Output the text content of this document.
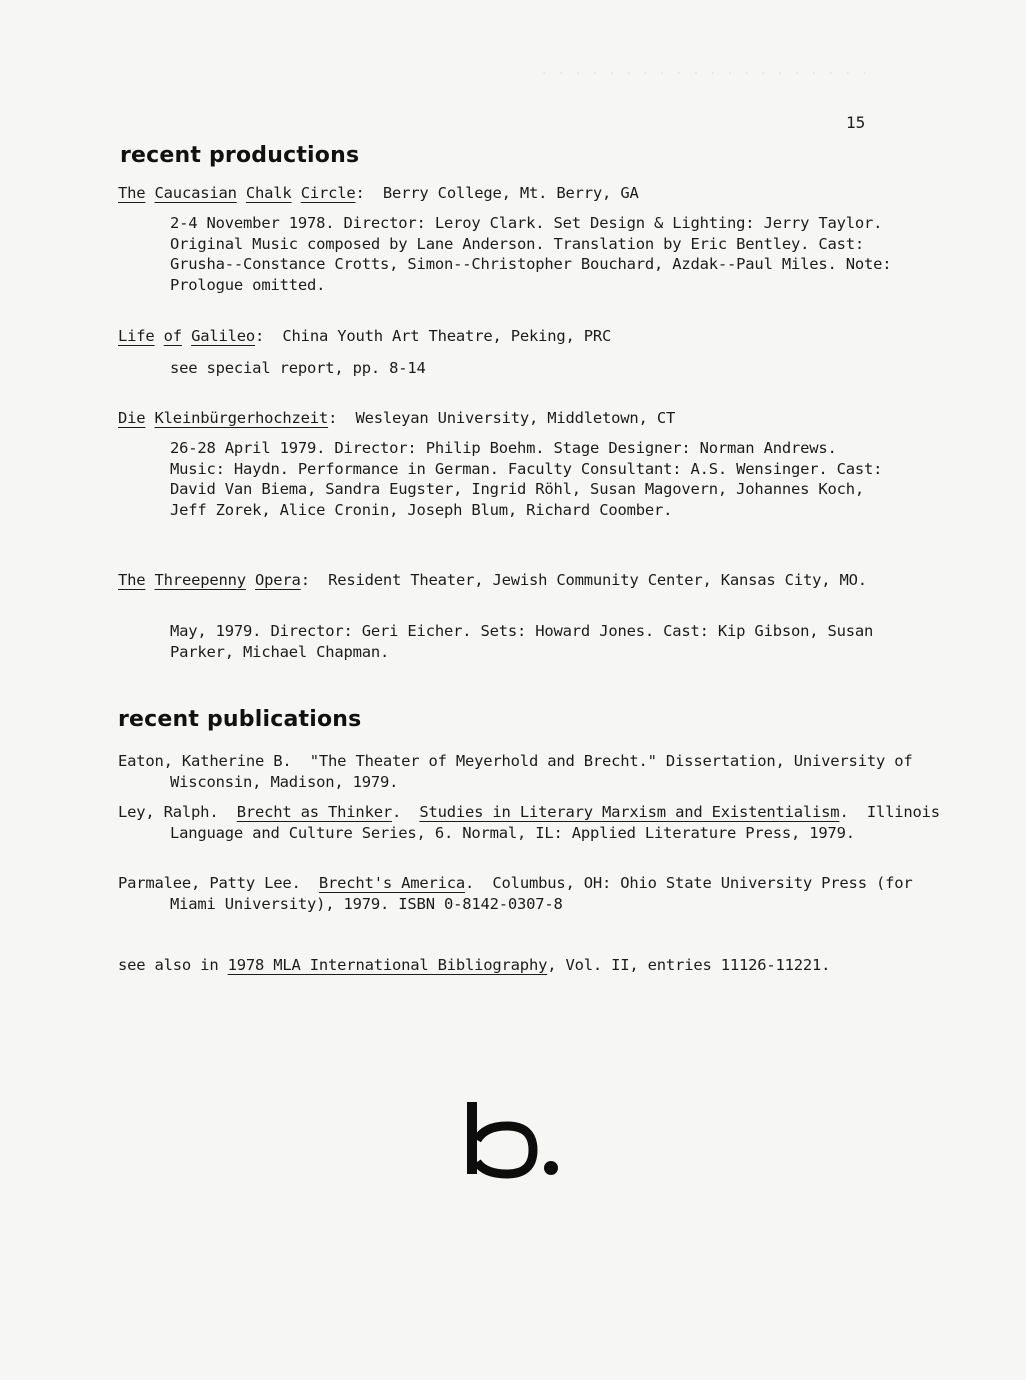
. . . . . . . . . . . . . . . . . . . .
15
recent productions
The Caucasian Chalk Circle: Berry College, Mt. Berry, GA
2-4 November 1978. Director: Leroy Clark. Set Design & Lighting: Jerry Taylor. Original Music composed by Lane Anderson. Translation by Eric Bentley. Cast: Grusha--Constance Crotts, Simon--Christopher Bouchard, Azdak--Paul Miles. Note: Prologue omitted.
Life of Galileo: China Youth Art Theatre, Peking, PRC
see special report, pp. 8-14
Die Kleinbürgerhochzeit: Wesleyan University, Middletown, CT
26-28 April 1979. Director: Philip Boehm. Stage Designer: Norman Andrews. Music: Haydn. Performance in German. Faculty Consultant: A.S. Wensinger. Cast: David Van Biema, Sandra Eugster, Ingrid Röhl, Susan Magovern, Johannes Koch, Jeff Zorek, Alice Cronin, Joseph Blum, Richard Coomber.
The Threepenny Opera: Resident Theater, Jewish Community Center, Kansas City, MO.
May, 1979. Director: Geri Eicher. Sets: Howard Jones. Cast: Kip Gibson, Susan Parker, Michael Chapman.
recent publications
Eaton, Katherine B. "The Theater of Meyerhold and Brecht." Dissertation, University of Wisconsin, Madison, 1979.
Ley, Ralph. Brecht as Thinker.  Studies in Literary Marxism and Existentialism.  Illinois Language and Culture Series, 6. Normal, IL: Applied Literature Press, 1979.
Parmalee, Patty Lee. Brecht's America.  Columbus, OH: Ohio State University Press (for Miami University), 1979. ISBN 0-8142-0307-8
see also in 1978 MLA International Bibliography, Vol. II, entries 11126-11221.
